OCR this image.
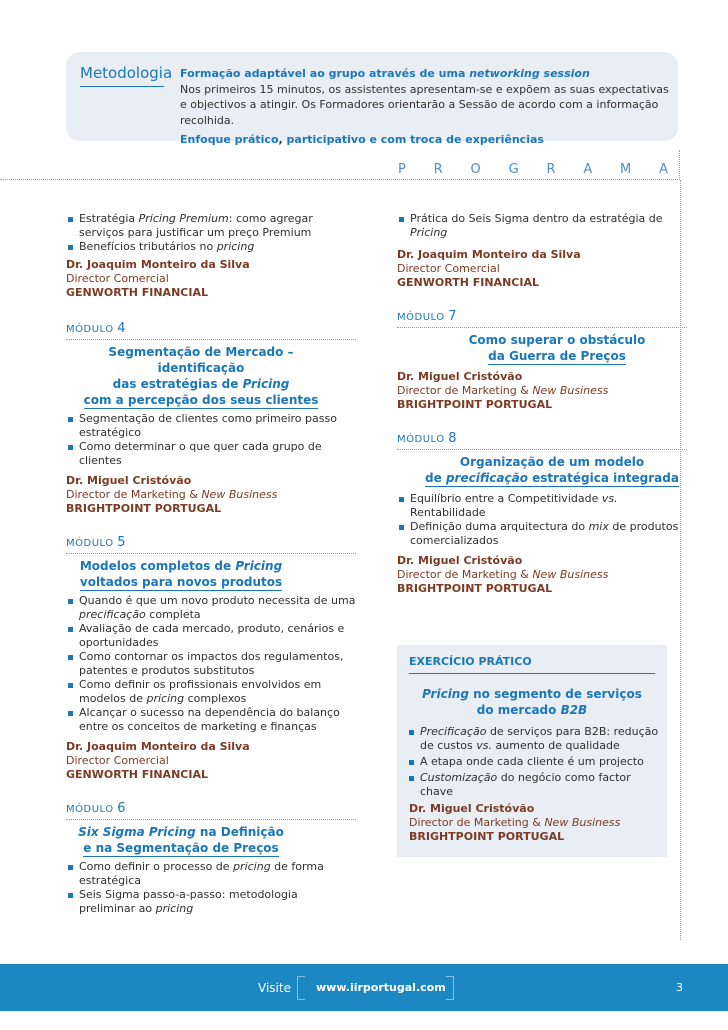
Metodologia Formação adaptável ao grupo através de uma networking session
Nos primeiros 15 minutos, os assistentes apresentam-se e expõem as suas expectativas e objectivos a atingir. Os Formadores orientarão a Sessão de acordo com a informação recolhida.
Enfoque prático, participativo e com troca de experiências
P R O G R A M A
Estratégia Pricing Premium: como agregar serviços para justificar um preço Premium
Benefícios tributários no pricing
Dr. Joaquim Monteiro da Silva
Director Comercial
GENWORTH FINANCIAL
MÓDULO 4
Segmentação de Mercado – identificação
das estratégias de Pricing
com a percepção dos seus clientes
Segmentação de clientes como primeiro passo estratégico
Como determinar o que quer cada grupo de clientes
Dr. Miguel Cristóvão
Director de Marketing & New Business
BRIGHTPOINT PORTUGAL
MÓDULO 5
Modelos completos de Pricing
voltados para novos produtos
Quando é que um novo produto necessita de uma precificação completa
Avaliação de cada mercado, produto, cenários e oportunidades
Como contornar os impactos dos regulamentos, patentes e produtos substitutos
Como definir os profissionais envolvidos em modelos de pricing complexos
Alcançar o sucesso na dependência do balanço entre os conceitos de marketing e finanças
Dr. Joaquim Monteiro da Silva
Director Comercial
GENWORTH FINANCIAL
MÓDULO 6
Six Sigma Pricing na Definição
e na Segmentação de Preços
Como definir o processo de pricing de forma estratégica
Seis Sigma passo-a-passo: metodologia preliminar ao pricing
Prática do Seis Sigma dentro da estratégia de Pricing
Dr. Joaquim Monteiro da Silva
Director Comercial
GENWORTH FINANCIAL
MÓDULO 7
Como superar o obstáculo
da Guerra de Preços
Dr. Miguel Cristóvão
Director de Marketing & New Business
BRIGHTPOINT PORTUGAL
MÓDULO 8
Organização de um modelo
de precificação estratégica integrada
Equilíbrio entre a Competitividade vs. Rentabilidade
Definição duma arquitectura do mix de produtos comercializados
Dr. Miguel Cristóvão
Director de Marketing & New Business
BRIGHTPOINT PORTUGAL
EXERCÍCIO PRÁTICO
Pricing no segmento de serviços
do mercado B2B
Precificação de serviços para B2B: redução de custos vs. aumento de qualidade
A etapa onde cada cliente é um projecto
Customização do negócio como factor chave
Dr. Miguel Cristóvão
Director de Marketing & New Business
BRIGHTPOINT PORTUGAL
Visite www.iirportugal.com	3
